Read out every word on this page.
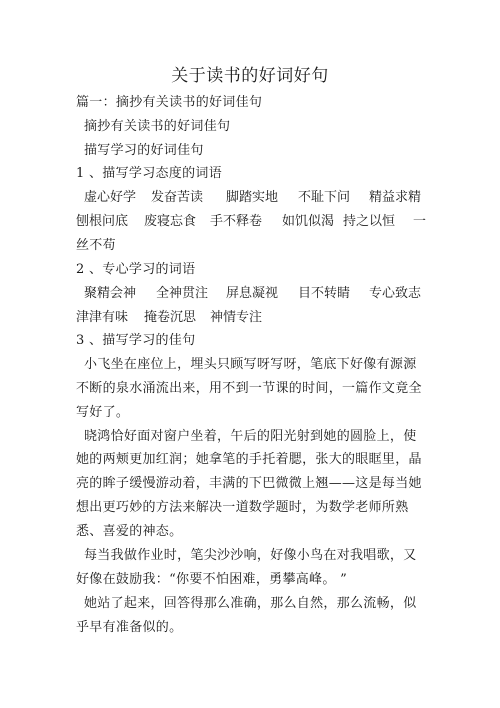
关于读书的好词好句
篇一：摘抄有关读书的好词佳句
摘抄有关读书的好词佳句
描写学习的好词佳句
1 、描写学习态度的词语
虚心好学 发奋苦读 脚踏实地 不耻下问 精益求精
刨根问底 废寝忘食 手不释卷 如饥似渴 持之以恒 一
丝不苟
2 、专心学习的词语
聚精会神 全神贯注 屏息凝视 目不转睛 专心致志
津津有味 掩卷沉思 神情专注
3 、描写学习的佳句
小飞坐在座位上，埋头只顾写呀写呀，笔底下好像有源源
不断的泉水涌流出来，用不到一节课的时间，一篇作文竟全
写好了。
晓鸿恰好面对窗户坐着，午后的阳光射到她的圆脸上，使
她的两颊更加红润；她拿笔的手托着腮，张大的眼眶里，晶
亮的眸子缓慢游动着，丰满的下巴微微上翘——这是每当她
想出更巧妙的方法来解决一道数学题时，为数学老师所熟
悉、喜爱的神态。
每当我做作业时，笔尖沙沙响，好像小鸟在对我唱歌，又
好像在鼓励我：“你要不怕困难，勇攀高峰。 ”
她站了起来，回答得那么准确，那么自然，那么流畅，似
乎早有准备似的。
